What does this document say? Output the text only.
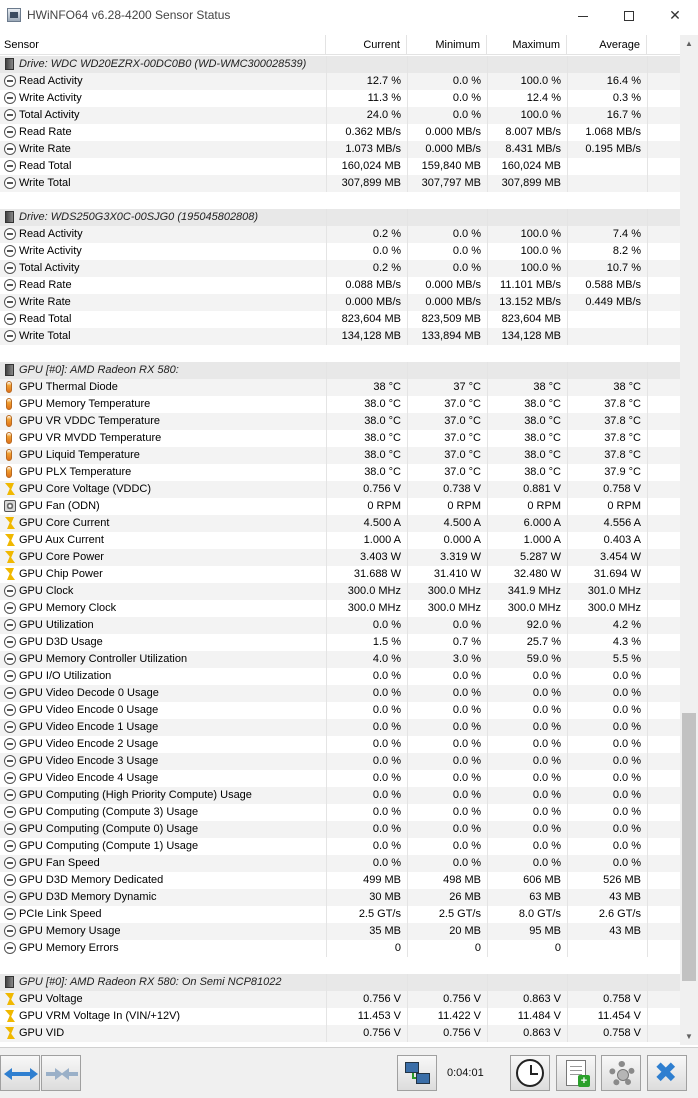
HWiNFO64 v6.28-4200 Sensor Status	✕
Sensor	Current	Minimum	Maximum	Average
Drive: WDC WD20EZRX-00DC0B0 (WD-WMC300028539)
Read Activity	12.7 %	0.0 %	100.0 %	16.4 %
Write Activity	11.3 %	0.0 %	12.4 %	0.3 %
Total Activity	24.0 %	0.0 %	100.0 %	16.7 %
Read Rate	0.362 MB/s	0.000 MB/s	8.007 MB/s	1.068 MB/s
Write Rate	1.073 MB/s	0.000 MB/s	8.431 MB/s	0.195 MB/s
Read Total	160,024 MB	159,840 MB	160,024 MB
Write Total	307,899 MB	307,797 MB	307,899 MB
Drive: WDS250G3X0C-00SJG0 (195045802808)
Read Activity	0.2 %	0.0 %	100.0 %	7.4 %
Write Activity	0.0 %	0.0 %	100.0 %	8.2 %
Total Activity	0.2 %	0.0 %	100.0 %	10.7 %
Read Rate	0.088 MB/s	0.000 MB/s	11.101 MB/s	0.588 MB/s
Write Rate	0.000 MB/s	0.000 MB/s	13.152 MB/s	0.449 MB/s
Read Total	823,604 MB	823,509 MB	823,604 MB
Write Total	134,128 MB	133,894 MB	134,128 MB
GPU [#0]: AMD Radeon RX 580:
GPU Thermal Diode	38 °C	37 °C	38 °C	38 °C
GPU Memory Temperature	38.0 °C	37.0 °C	38.0 °C	37.8 °C
GPU VR VDDC Temperature	38.0 °C	37.0 °C	38.0 °C	37.8 °C
GPU VR MVDD Temperature	38.0 °C	37.0 °C	38.0 °C	37.8 °C
GPU Liquid Temperature	38.0 °C	37.0 °C	38.0 °C	37.8 °C
GPU PLX Temperature	38.0 °C	37.0 °C	38.0 °C	37.9 °C
GPU Core Voltage (VDDC)	0.756 V	0.738 V	0.881 V	0.758 V
GPU Fan (ODN)	0 RPM	0 RPM	0 RPM	0 RPM
GPU Core Current	4.500 A	4.500 A	6.000 A	4.556 A
GPU Aux Current	1.000 A	0.000 A	1.000 A	0.403 A
GPU Core Power	3.403 W	3.319 W	5.287 W	3.454 W
GPU Chip Power	31.688 W	31.410 W	32.480 W	31.694 W
GPU Clock	300.0 MHz	300.0 MHz	341.9 MHz	301.0 MHz
GPU Memory Clock	300.0 MHz	300.0 MHz	300.0 MHz	300.0 MHz
GPU Utilization	0.0 %	0.0 %	92.0 %	4.2 %
GPU D3D Usage	1.5 %	0.7 %	25.7 %	4.3 %
GPU Memory Controller Utilization	4.0 %	3.0 %	59.0 %	5.5 %
GPU I/O Utilization	0.0 %	0.0 %	0.0 %	0.0 %
GPU Video Decode 0 Usage	0.0 %	0.0 %	0.0 %	0.0 %
GPU Video Encode 0 Usage	0.0 %	0.0 %	0.0 %	0.0 %
GPU Video Encode 1 Usage	0.0 %	0.0 %	0.0 %	0.0 %
GPU Video Encode 2 Usage	0.0 %	0.0 %	0.0 %	0.0 %
GPU Video Encode 3 Usage	0.0 %	0.0 %	0.0 %	0.0 %
GPU Video Encode 4 Usage	0.0 %	0.0 %	0.0 %	0.0 %
GPU Computing (High Priority Compute) Usage	0.0 %	0.0 %	0.0 %	0.0 %
GPU Computing (Compute 3) Usage	0.0 %	0.0 %	0.0 %	0.0 %
GPU Computing (Compute 0) Usage	0.0 %	0.0 %	0.0 %	0.0 %
GPU Computing (Compute 1) Usage	0.0 %	0.0 %	0.0 %	0.0 %
GPU Fan Speed	0.0 %	0.0 %	0.0 %	0.0 %
GPU D3D Memory Dedicated	499 MB	498 MB	606 MB	526 MB
GPU D3D Memory Dynamic	30 MB	26 MB	63 MB	43 MB
PCIe Link Speed	2.5 GT/s	2.5 GT/s	8.0 GT/s	2.6 GT/s
GPU Memory Usage	35 MB	20 MB	95 MB	43 MB
GPU Memory Errors	0	0	0
GPU [#0]: AMD Radeon RX 580: On Semi NCP81022
GPU Voltage	0.756 V	0.756 V	0.863 V	0.758 V
GPU VRM Voltage In (VIN/+12V)	11.453 V	11.422 V	11.484 V	11.454 V
GPU VID	0.756 V	0.756 V	0.863 V	0.758 V
▲
▼
0:04:01
+ ✖
